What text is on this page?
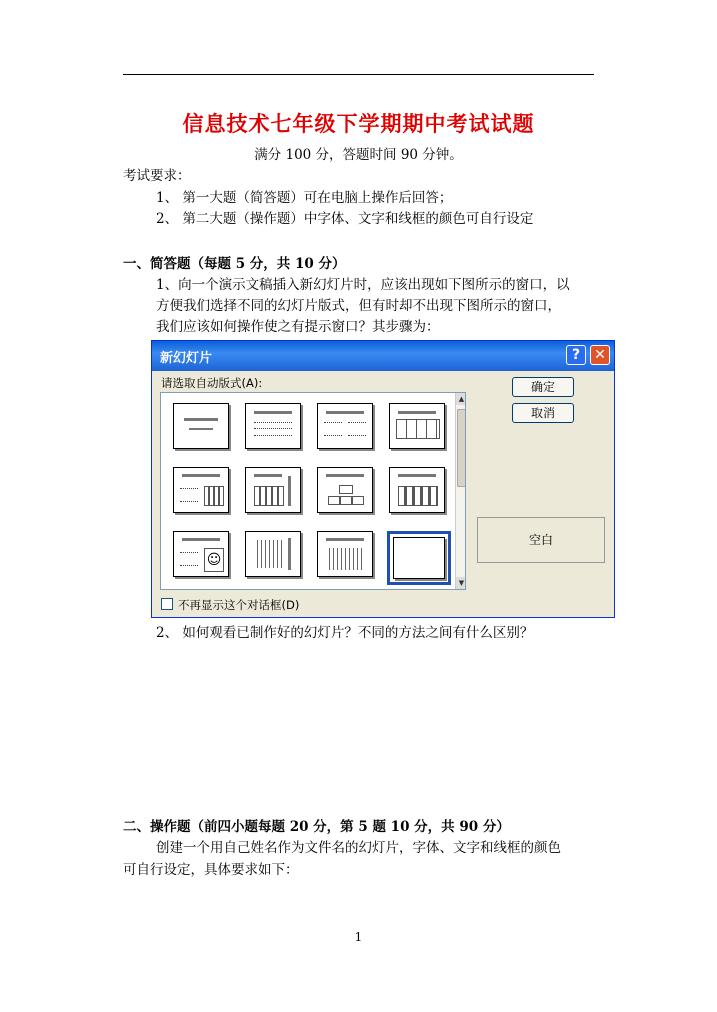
信息技术七年级下学期期中考试试题
满分 100 分，答题时间 90 分钟。
考试要求：
1、 第一大题（简答题）可在电脑上操作后回答；
2、 第二大题（操作题）中字体、文字和线框的颜色可自行设定
一、简答题（每题 5 分，共 10 分）
1、向一个演示文稿插入新幻灯片时，应该出现如下图所示的窗口，以
方便我们选择不同的幻灯片版式，但有时却不出现下图所示的窗口，
我们应该如何操作使之有提示窗口？其步骤为：
新幻灯片	?	✕
请选取自动版式(A):
☺
▲
▼
确定
取消
空白
不再显示这个对话框(D)
2、 如何观看已制作好的幻灯片？不同的方法之间有什么区别？
二、操作题（前四小题每题 20 分，第 5 题 10 分，共 90 分）
创建一个用自己姓名作为文件名的幻灯片，字体、文字和线框的颜色
可自行设定，具体要求如下：
1
